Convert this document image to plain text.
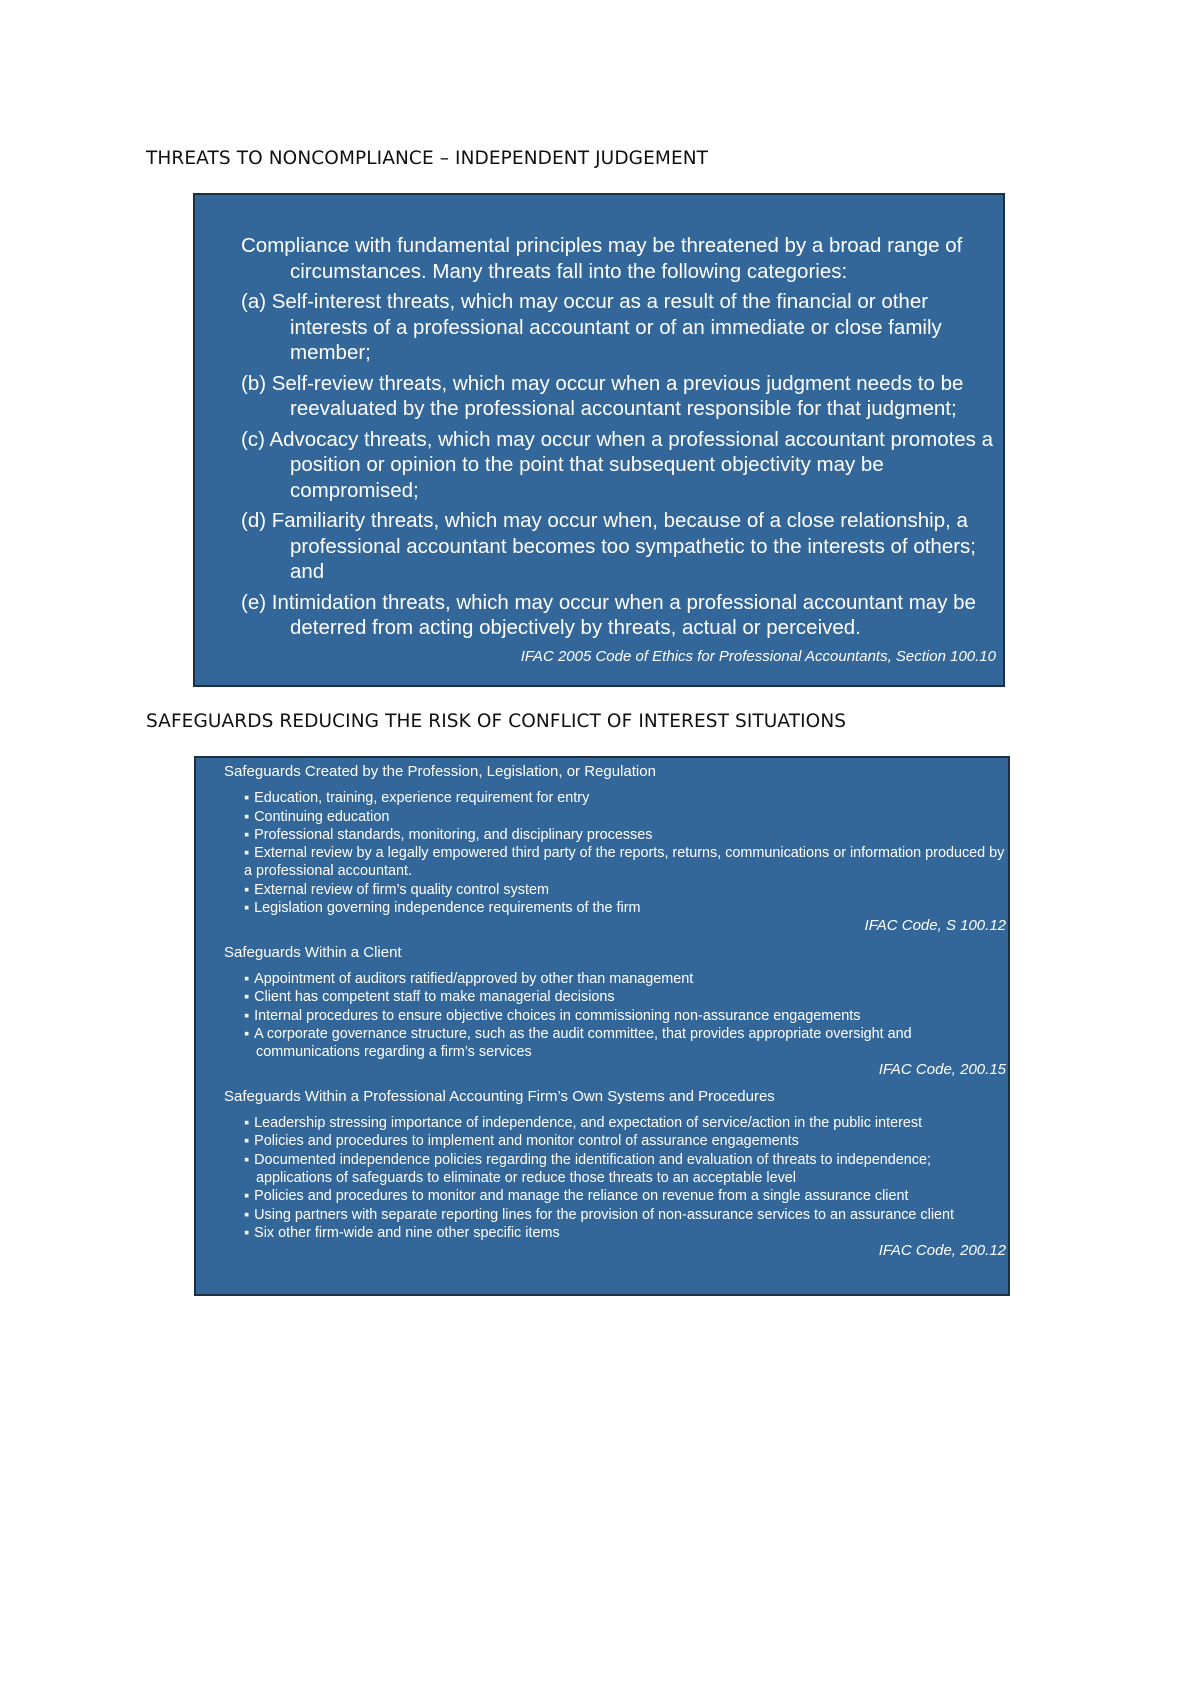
THREATS TO NONCOMPLIANCE – INDEPENDENT JUDGEMENT

Compliance with fundamental principles may be threatened by a broad range of circumstances. Many threats fall into the following categories:

(a) Self-interest threats, which may occur as a result of the financial or other interests of a professional accountant or of an immediate or close family member;

(b) Self-review threats, which may occur when a previous judgment needs to be reevaluated by the professional accountant responsible for that judgment;

(c) Advocacy threats, which may occur when a professional accountant promotes a position or opinion to the point that subsequent objectivity may be compromised;

(d) Familiarity threats, which may occur when, because of a close relationship, a professional accountant becomes too sympathetic to the interests of others; and

(e) Intimidation threats, which may occur when a professional accountant may be deterred from acting objectively by threats, actual or perceived.

IFAC 2005 Code of Ethics for Professional Accountants, Section 100.10
SAFEGUARDS REDUCING THE RISK OF CONFLICT OF INTEREST SITUATIONS
Safeguards Created by the Profession, Legislation, or Regulation
▪ Education, training, experience requirement for entry
▪ Continuing education
▪ Professional standards, monitoring, and disciplinary processes
▪ External review by a legally empowered third party of the reports, returns, communications or information produced by a professional accountant.
▪ External review of firm’s quality control system
▪ Legislation governing independence requirements of the firm
IFAC Code, S 100.12
Safeguards Within a Client
▪ Appointment of auditors ratified/approved by other than management
▪ Client has competent staff to make managerial decisions
▪ Internal procedures to ensure objective choices in commissioning non-assurance engagements
▪ A corporate governance structure, such as the audit committee, that provides appropriate oversight and communications regarding a firm’s services
IFAC Code, 200.15
Safeguards Within a Professional Accounting Firm’s Own Systems and Procedures
▪ Leadership stressing importance of independence, and expectation of service/action in the public interest
▪ Policies and procedures to implement and monitor control of assurance engagements
▪ Documented independence policies regarding the identification and evaluation of threats to independence; applications of safeguards to eliminate or reduce those threats to an acceptable level
▪ Policies and procedures to monitor and manage the reliance on revenue from a single assurance client
▪ Using partners with separate reporting lines for the provision of non-assurance services to an assurance client
▪ Six other firm-wide and nine other specific items
IFAC Code, 200.12
